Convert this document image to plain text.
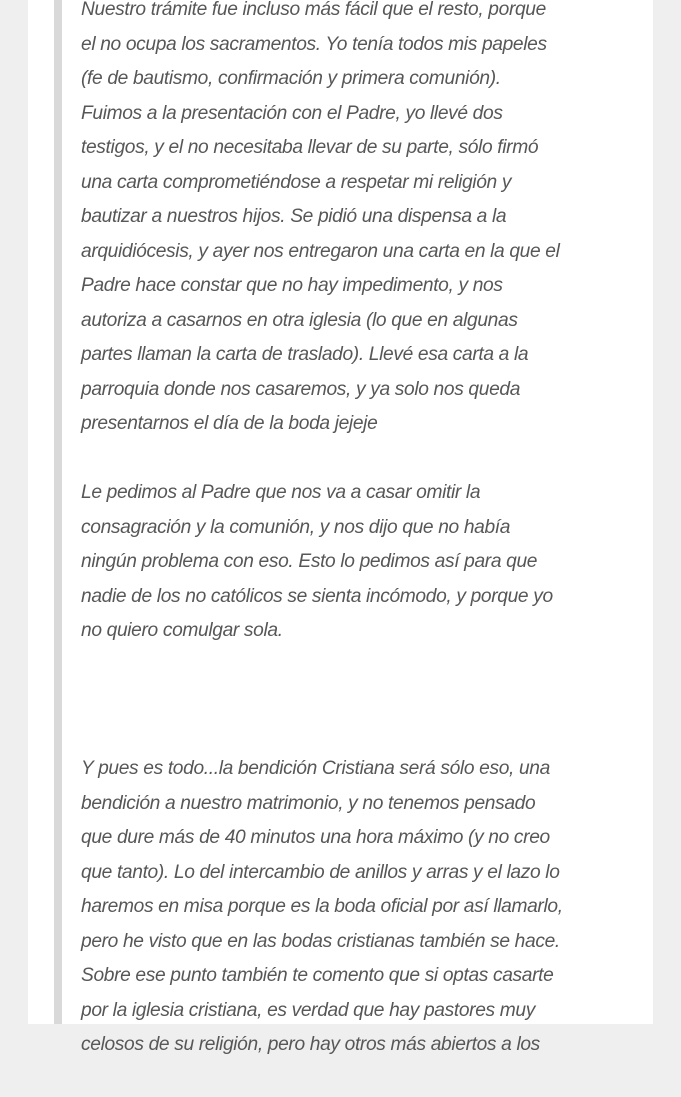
Nuestro trámite fue incluso más fácil que el resto, porque
el no ocupa los sacramentos. Yo tenía todos mis papeles
(fe de bautismo, confirmación y primera comunión).
Fuimos a la presentación con el Padre, yo llevé dos
testigos, y el no necesitaba llevar de su parte, sólo firmó
una carta comprometiéndose a respetar mi religión y
bautizar a nuestros hijos. Se pidió una dispensa a la
arquidiócesis, y ayer nos entregaron una carta en la que el
Padre hace constar que no hay impedimento, y nos
autoriza a casarnos en otra iglesia (lo que en algunas
partes llaman la carta de traslado). Llevé esa carta a la
parroquia donde nos casaremos, y ya solo nos queda
presentarnos el día de la boda jejeje

Le pedimos al Padre que nos va a casar omitir la
consagración y la comunión, y nos dijo que no había
ningún problema con eso. Esto lo pedimos así para que
nadie de los no católicos se sienta incómodo, y porque yo
no quiero comulgar sola.

Y pues es todo...la bendición Cristiana será sólo eso, una
bendición a nuestro matrimonio, y no tenemos pensado
que dure más de 40 minutos una hora máximo (y no creo
que tanto). Lo del intercambio de anillos y arras y el lazo lo
haremos en misa porque es la boda oficial por así llamarlo,
pero he visto que en las bodas cristianas también se hace.
Sobre ese punto también te comento que si optas casarte
por la iglesia cristiana, es verdad que hay pastores muy
celosos de su religión, pero hay otros más abiertos a los
